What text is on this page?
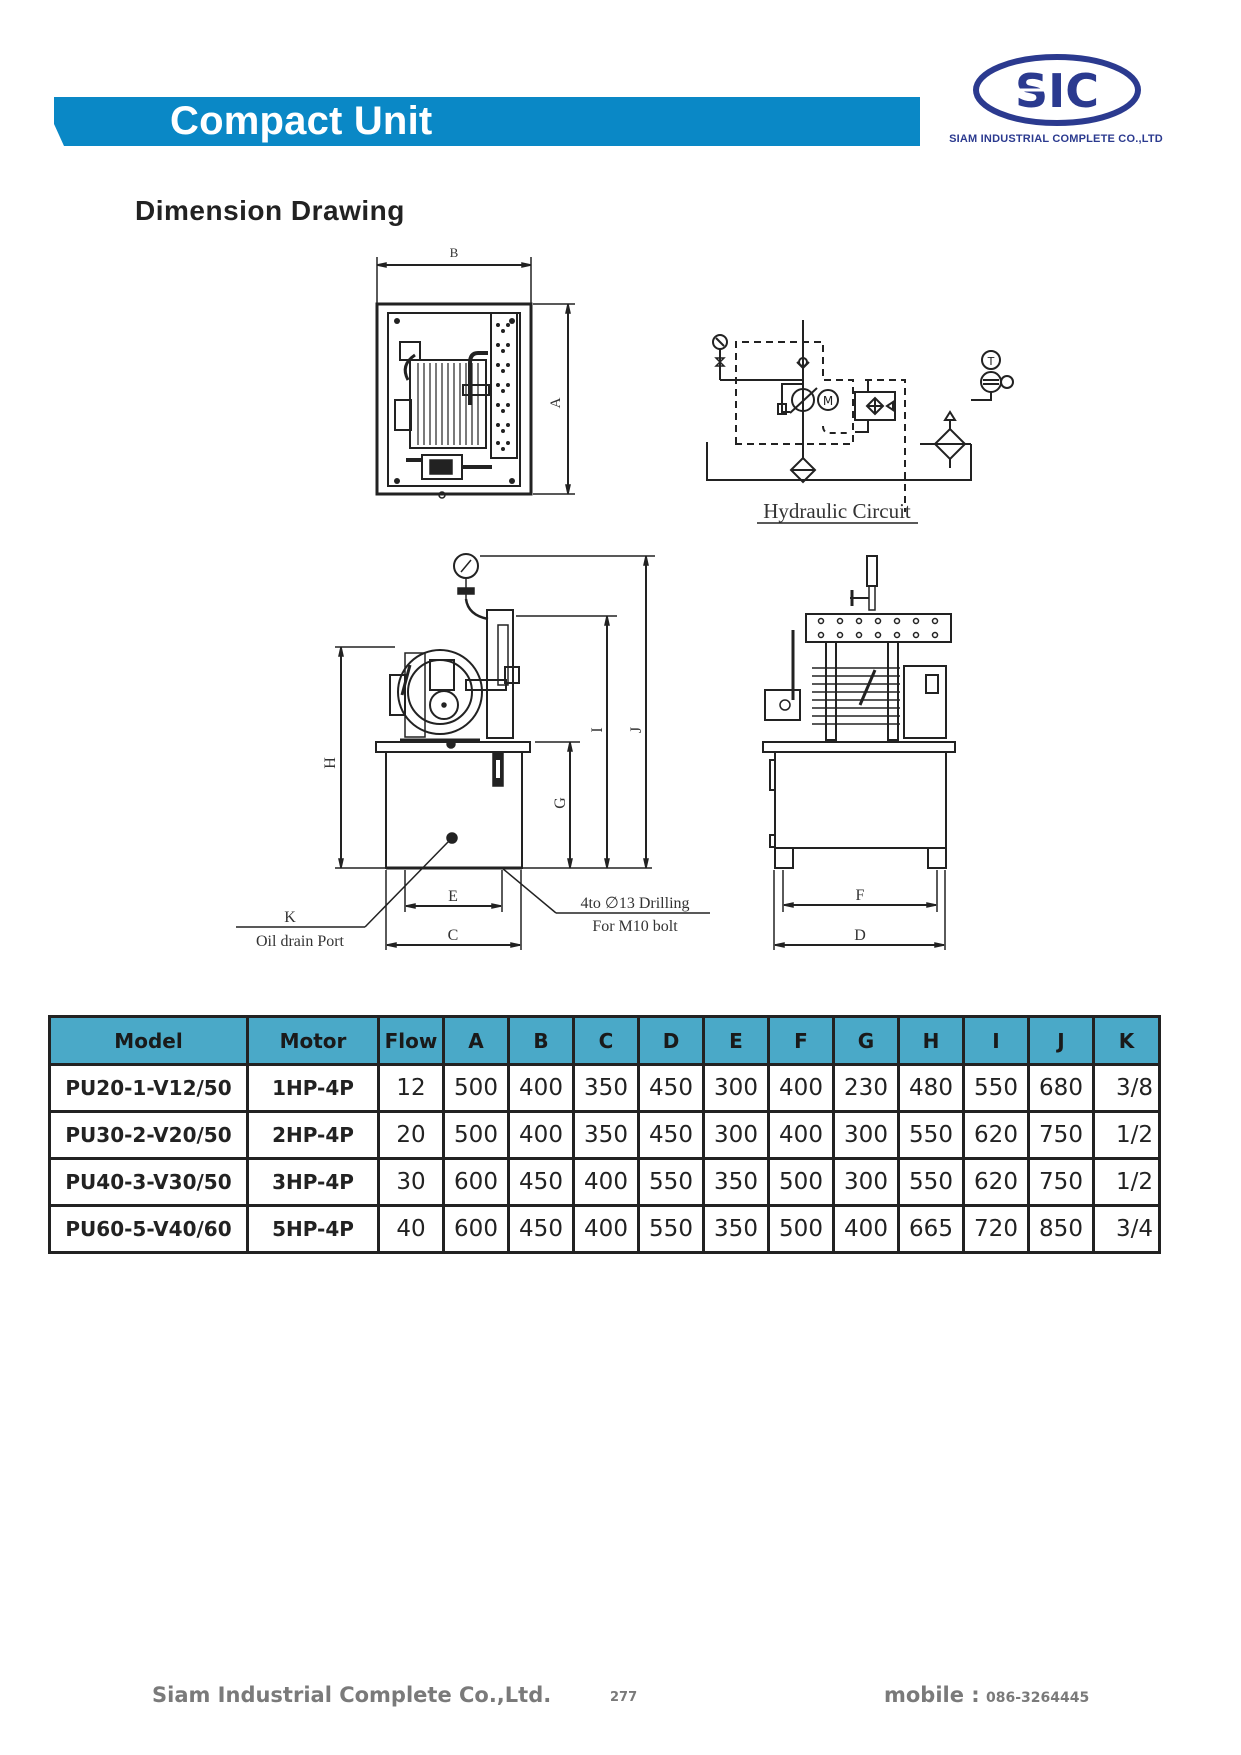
Compact Unit
SIC
SIAM INDUSTRIAL COMPLETE CO.,LTD
Dimension Drawing
B
A	M
T
Hydraulic Circuit
H
G
I J
E
C
K
Oil drain Port
4to ∅13 Drilling
For M10 bolt
F
D
Model	Motor	Flow	A	B	C	D	E	F	G	H	I	J	K
PU20-1-V12/50	1HP-4P	12	500	400	350	450	300	400	230	480	550	680	3/8
PU30-2-V20/50	2HP-4P	20	500	400	350	450	300	400	300	550	620	750	1/2
PU40-3-V30/50	3HP-4P	30	600	450	400	550	350	500	300	550	620	750	1/2
PU60-5-V40/60	5HP-4P	40	600	450	400	550	350	500	400	665	720	850	3/4
Siam Industrial Complete Co.,Ltd.	277	mobile : 086-3264445
